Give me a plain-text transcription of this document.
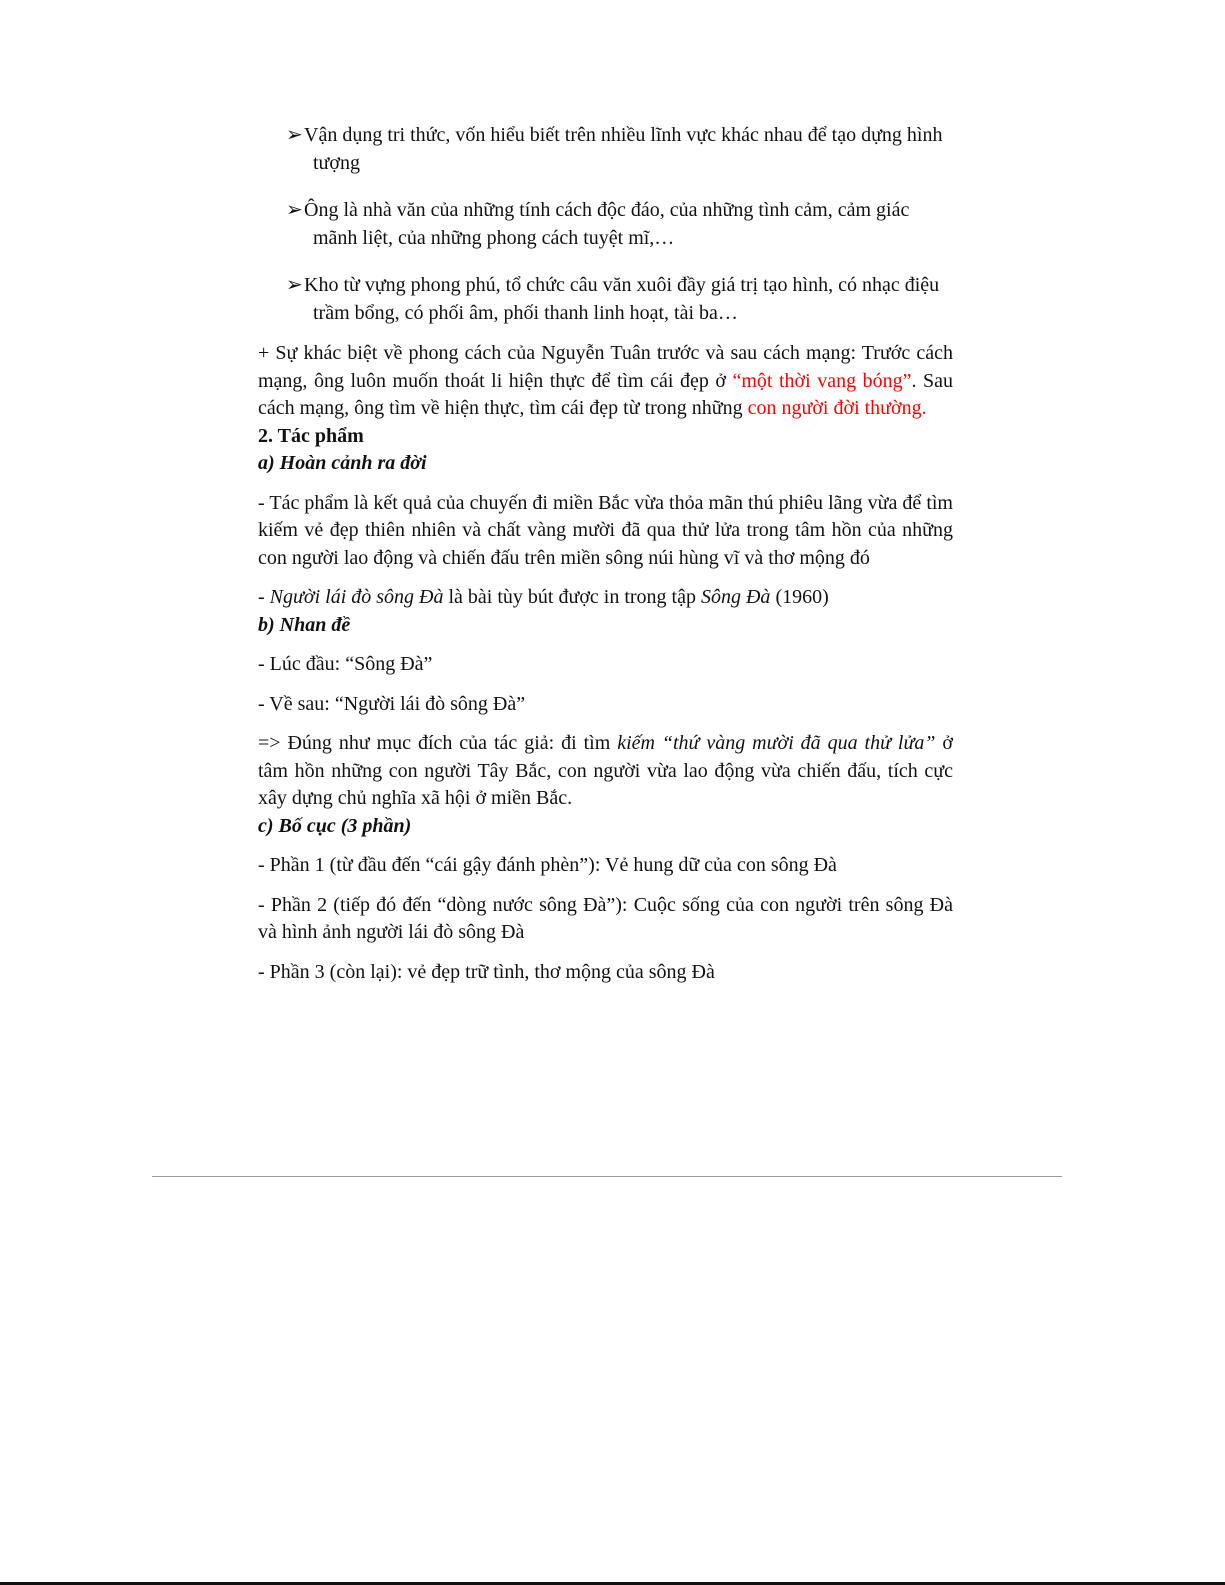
➢Vận dụng tri thức, vốn hiểu biết trên nhiều lĩnh vực khác nhau để tạo dựng hình tượng

➢Ông là nhà văn của những tính cách độc đáo, của những tình cảm, cảm giác mãnh liệt, của những phong cách tuyệt mĩ,…

➢Kho từ vựng phong phú, tổ chức câu văn xuôi đầy giá trị tạo hình, có nhạc điệu trầm bổng, có phối âm, phối thanh linh hoạt, tài ba…

+ Sự khác biệt về phong cách của Nguyễn Tuân trước và sau cách mạng: Trước cách mạng, ông luôn muốn thoát li hiện thực để tìm cái đẹp ở “một thời vang bóng”. Sau cách mạng, ông tìm về hiện thực, tìm cái đẹp từ trong những con người đời thường.

2. Tác phẩm

a) Hoàn cảnh ra đời

- Tác phẩm là kết quả của chuyến đi miền Bắc vừa thỏa mãn thú phiêu lãng vừa để tìm kiếm vẻ đẹp thiên nhiên và chất vàng mười đã qua thử lửa trong tâm hồn của những con người lao động và chiến đấu trên miền sông núi hùng vĩ và thơ mộng đó

- Người lái đò sông Đà là bài tùy bút được in trong tập Sông Đà (1960)

b) Nhan đề

- Lúc đầu: “Sông Đà”

- Về sau: “Người lái đò sông Đà”

=> Đúng như mục đích của tác giả: đi tìm kiếm “thứ vàng mười đã qua thử lửa” ở tâm hồn những con người Tây Bắc, con người vừa lao động vừa chiến đấu, tích cực xây dựng chủ nghĩa xã hội ở miền Bắc.

c) Bố cục (3 phần)

- Phần 1 (từ đầu đến “cái gậy đánh phèn”): Vẻ hung dữ của con sông Đà

- Phần 2 (tiếp đó đến “dòng nước sông Đà”): Cuộc sống của con người trên sông Đà và hình ảnh người lái đò sông Đà

- Phần 3 (còn lại): vẻ đẹp trữ tình, thơ mộng của sông Đà
